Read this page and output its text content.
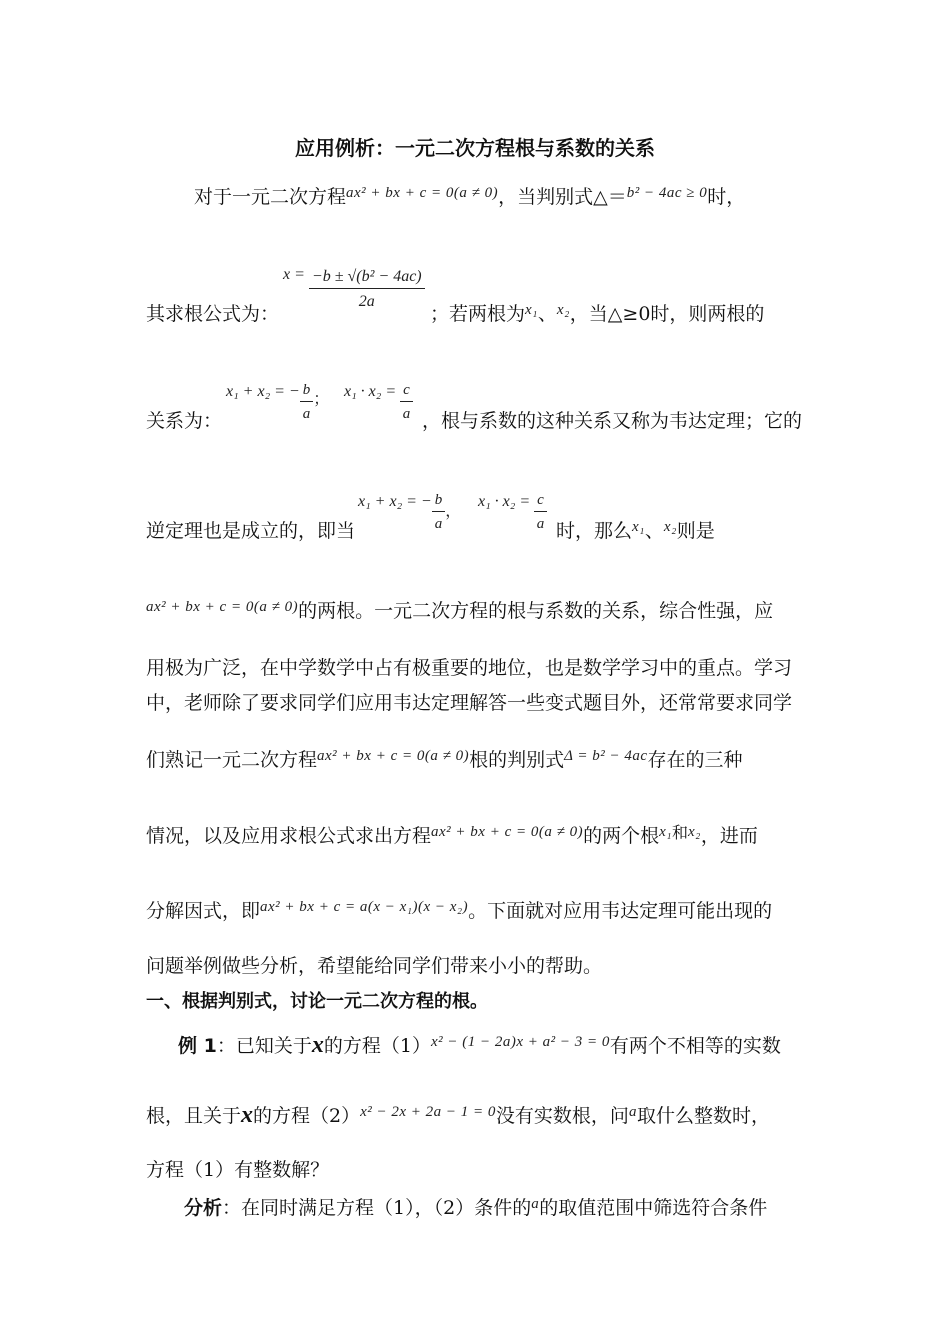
应用例析：一元二次方程根与系数的关系
对于一元二次方程$^{ax^2 + bx + c = 0(a \ne 0)}$，当判别式△＝$^{b^2 - 4ac \ge 0}$时，
$x = \frac{\text{−b ± √(b² − 4ac)}}{2a}$
其求根公式为：	；若两根为$^{x_1}$、$^{x_2}$，当△≥0时，则两根的
关系为：
x₁ + x₂ = − $\frac{b}{a}$ ； $x_1 \cdot x_2 = \frac{c}{a}$ ，根与系数的这种关系又称为韦达定理；它的
逆定理也是成立的，即当
x₁ + x₂ = − $\frac{b}{a}$ ，
$x_1 \cdot x_2 = \frac{c}{a}$ 时，那么$^{x_1}$、$^{x_2}$则是
$^{ax^2 + bx + c = 0(a \ne 0)}$的两根。一元二次方程的根与系数的关系，综合性强，应
用极为广泛，在中学数学中占有极重要的地位，也是数学学习中的重点。学习
中，老师除了要求同学们应用韦达定理解答一些变式题目外，还常常要求同学
们熟记一元二次方程$^{ax^2 + bx + c = 0(a \ne 0)}$根的判别式$^{\Delta = b^2 - 4ac}$存在的三种
情况，以及应用求根公式求出方程$^{ax^2 + bx + c = 0(a \ne 0)}$的两个根$^{x_1和x_2}$，进而
分解因式，即$^{ax^2 + bx + c = a(x - x_1)(x - x_2)}$。下面就对应用韦达定理可能出现的
问题举例做些分析，希望能给同学们带来小小的帮助。
一、根据判别式，讨论一元二次方程的根。
例 1：已知关于x的方程$(1)^{x^2 - (1 - 2a)x + a^2 - 3 = 0}$有两个不相等的实数
根，且关于x的方程$(2)^{x^2 - 2x + 2a - 1 = 0}$没有实数根，问$^a$取什么整数时，
方程（1）有整数解？
分析：在同时满足方程（1），（2）条件的$^a$的取值范围中筛选符合条件
